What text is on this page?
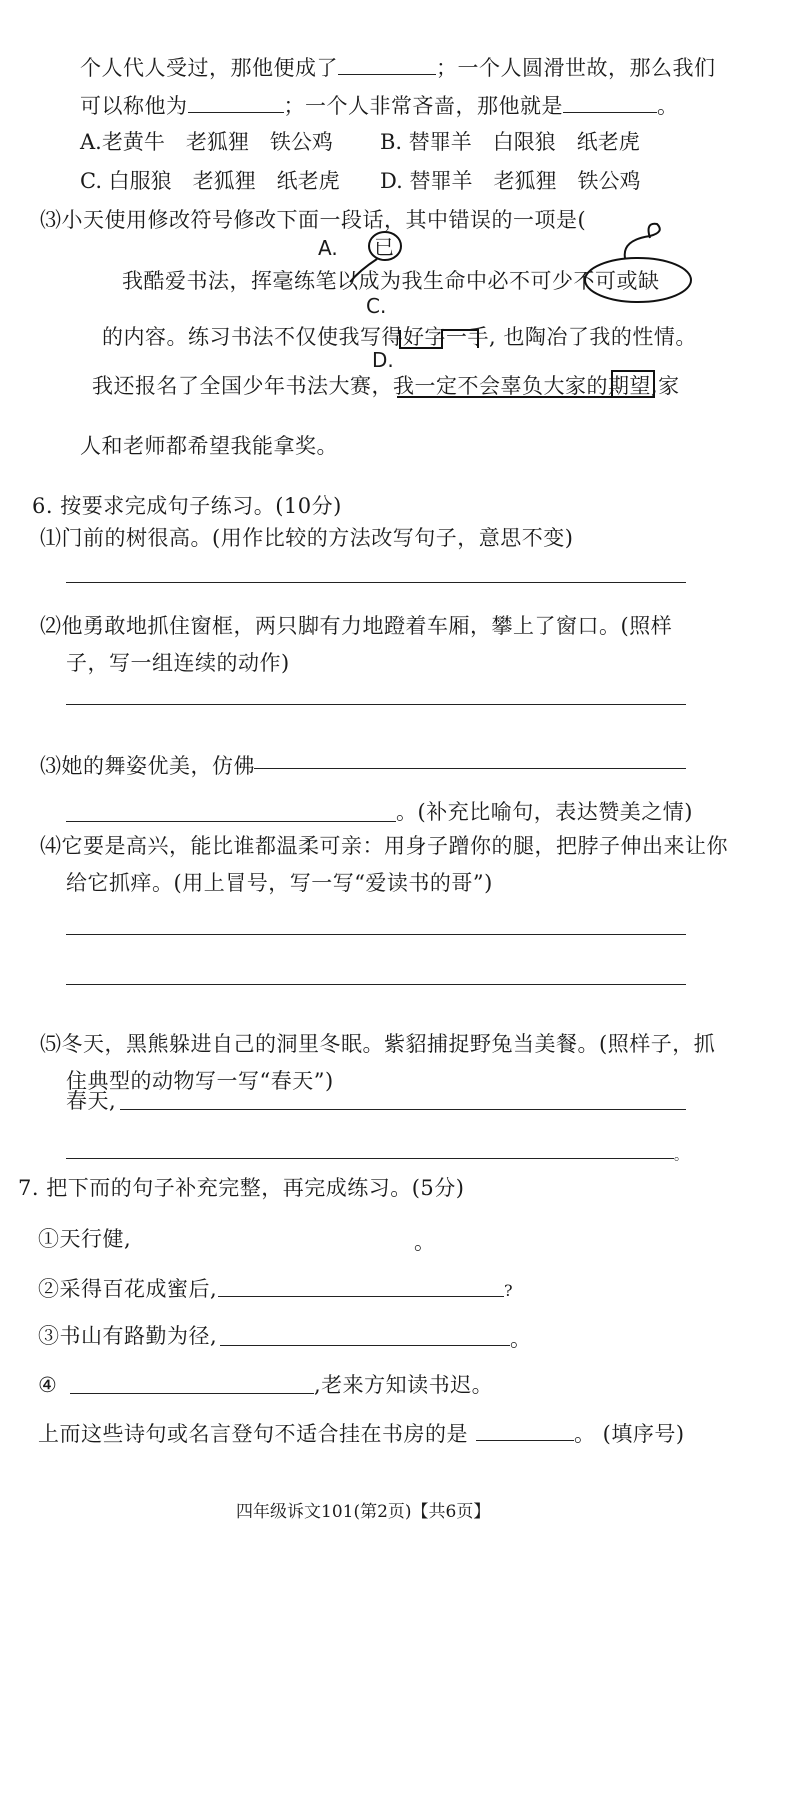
个人代人受过，那他便成了	；一个人圆滑世故，那么我们
可以称他为	；一个人非常吝啬，那他就是	。
A.老黄牛　老狐狸　铁公鸡 B. 替罪羊　白限狼　纸老虎
C. 白服狼　老狐狸　纸老虎 D. 替罪羊　老狐狸　铁公鸡
⑶小天使用修改符号修改下面一段话，其中错误的一项是(
A. 已
我酷爱书法，挥毫练笔以成为我生命中必不可少不可或缺
C.
的内容。练习书法不仅使我写得好字一手, 也陶冶了我的性情。
D.
我还报名了全国少年书法大赛，我一定不会辜负大家的期望,家
人和老师都希望我能拿奖。
6. 按要求完成句子练习。(10分)
⑴门前的树很高。(用作比较的方法改写句子，意思不变)
⑵他勇敢地抓住窗框，两只脚有力地蹬着车厢，攀上了窗口。(照样
子，写一组连续的动作)
⑶她的舞姿优美，仿佛
。(补充比喻句，表达赞美之情)
⑷它要是高兴，能比谁都温柔可亲：用身子蹭你的腿，把脖子伸出来让你
给它抓痒。(用上冒号，写一写“爱读书的哥”)
⑸冬天，黑熊躲进自己的洞里冬眠。紫貂捕捉野兔当美餐。(照样子，抓
住典型的动物写一写“春天”)
春天,
。
7. 把下而的句子补充完整，再完成练习。(5分)
①天行健,	。
②采得百花成蜜后,	?
③书山有路勤为径,	。
④	,老来方知读书迟。
上而这些诗句或名言登句不适合挂在书房的是	。 (填序号)
四年级诉文101(第2页)【共6页】
